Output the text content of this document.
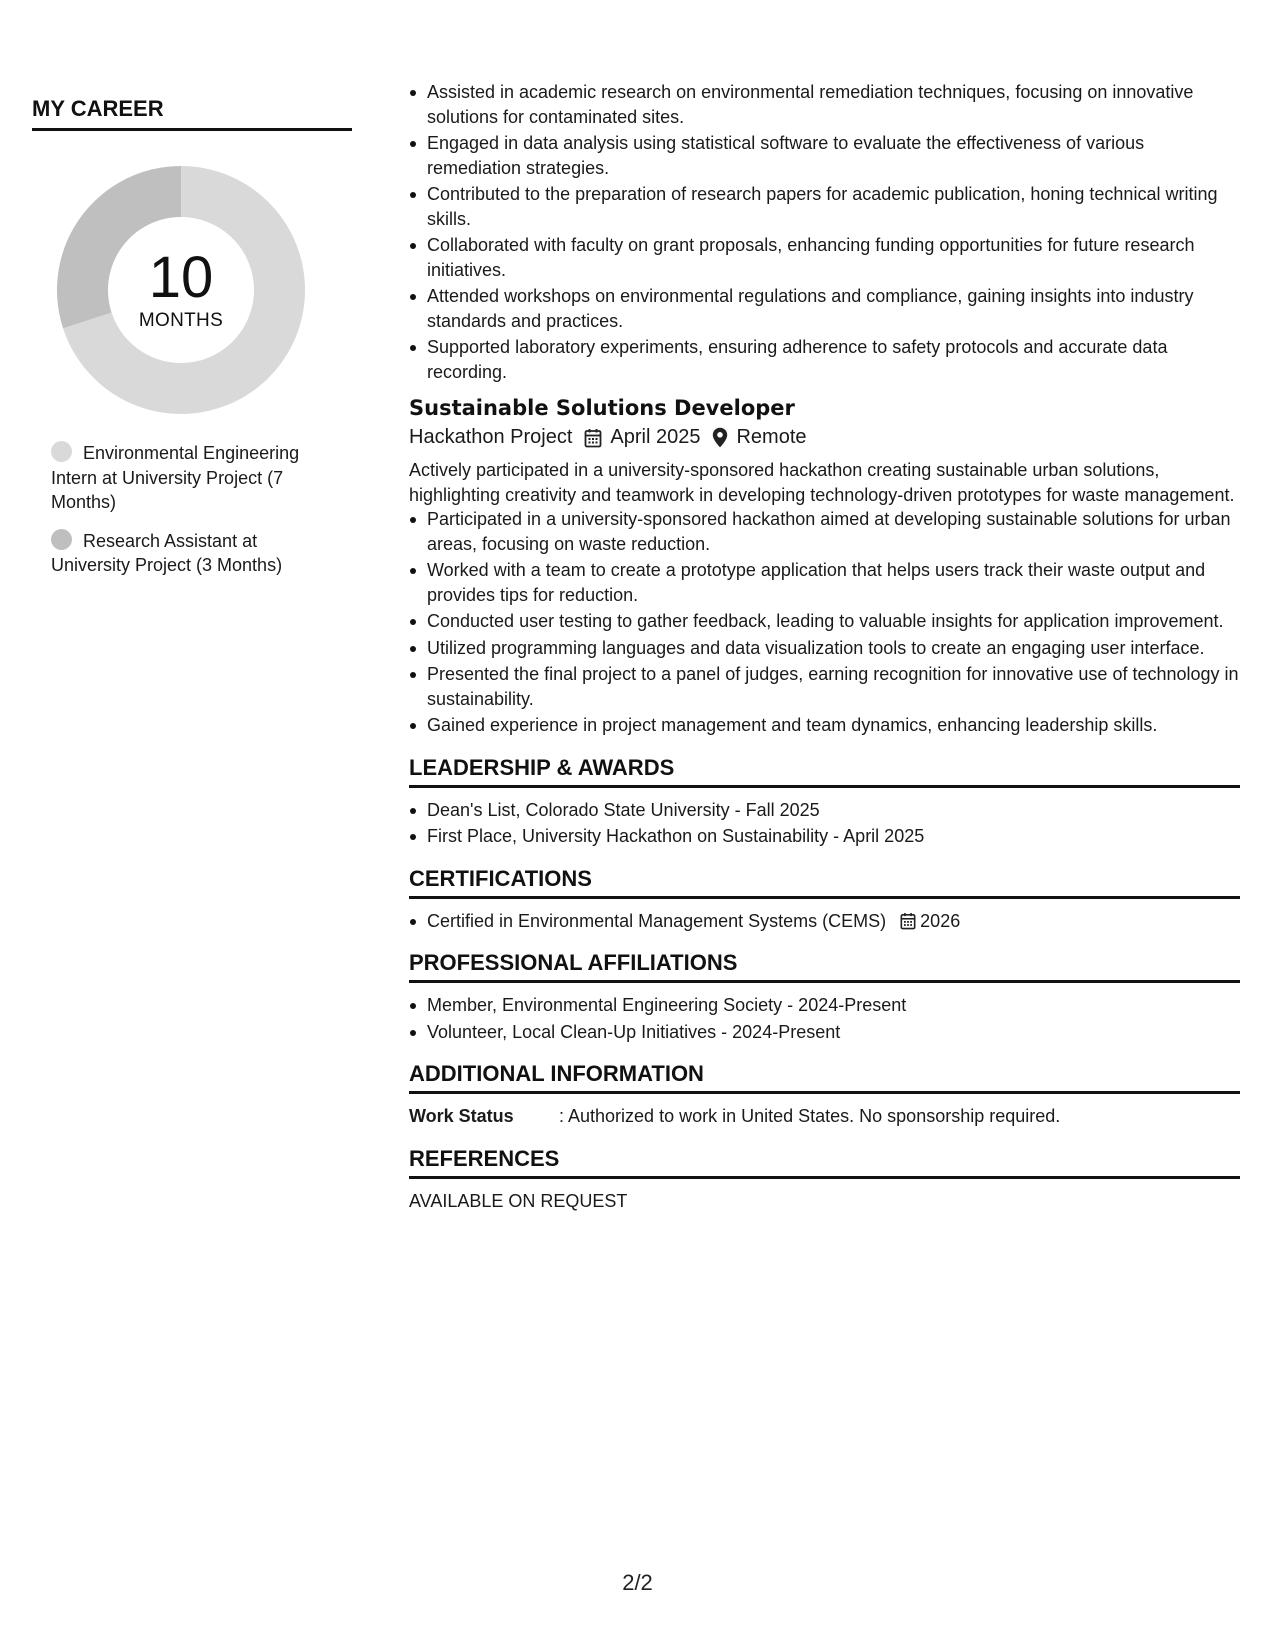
MY CAREER
10
MONTHS
Environmental Engineering Intern at University Project (7 Months)
Research Assistant at University Project (3 Months)
Assisted in academic research on environmental remediation techniques, focusing on innovative solutions for contaminated sites.
Engaged in data analysis using statistical software to evaluate the effectiveness of various remediation strategies.
Contributed to the preparation of research papers for academic publication, honing technical writing skills.
Collaborated with faculty on grant proposals, enhancing funding opportunities for future research initiatives.
Attended workshops on environmental regulations and compliance, gaining insights into industry standards and practices.
Supported laboratory experiments, ensuring adherence to safety protocols and accurate data recording.
Sustainable Solutions Developer
Hackathon Project April 2025 Remote
Actively participated in a university-sponsored hackathon creating sustainable urban solutions, highlighting creativity and teamwork in developing technology-driven prototypes for waste management.
Participated in a university-sponsored hackathon aimed at developing sustainable solutions for urban areas, focusing on waste reduction.
Worked with a team to create a prototype application that helps users track their waste output and provides tips for reduction.
Conducted user testing to gather feedback, leading to valuable insights for application improvement.
Utilized programming languages and data visualization tools to create an engaging user interface.
Presented the final project to a panel of judges, earning recognition for innovative use of technology in sustainability.
Gained experience in project management and team dynamics, enhancing leadership skills.
LEADERSHIP & AWARDS
Dean's List, Colorado State University - Fall 2025
First Place, University Hackathon on Sustainability - April 2025
CERTIFICATIONS
Certified in Environmental Management Systems (CEMS) 2026
PROFESSIONAL AFFILIATIONS
Member, Environmental Engineering Society - 2024-Present
Volunteer, Local Clean-Up Initiatives - 2024-Present
ADDITIONAL INFORMATION
Work Status	: Authorized to work in United States. No sponsorship required.
REFERENCES
AVAILABLE ON REQUEST
2/2
